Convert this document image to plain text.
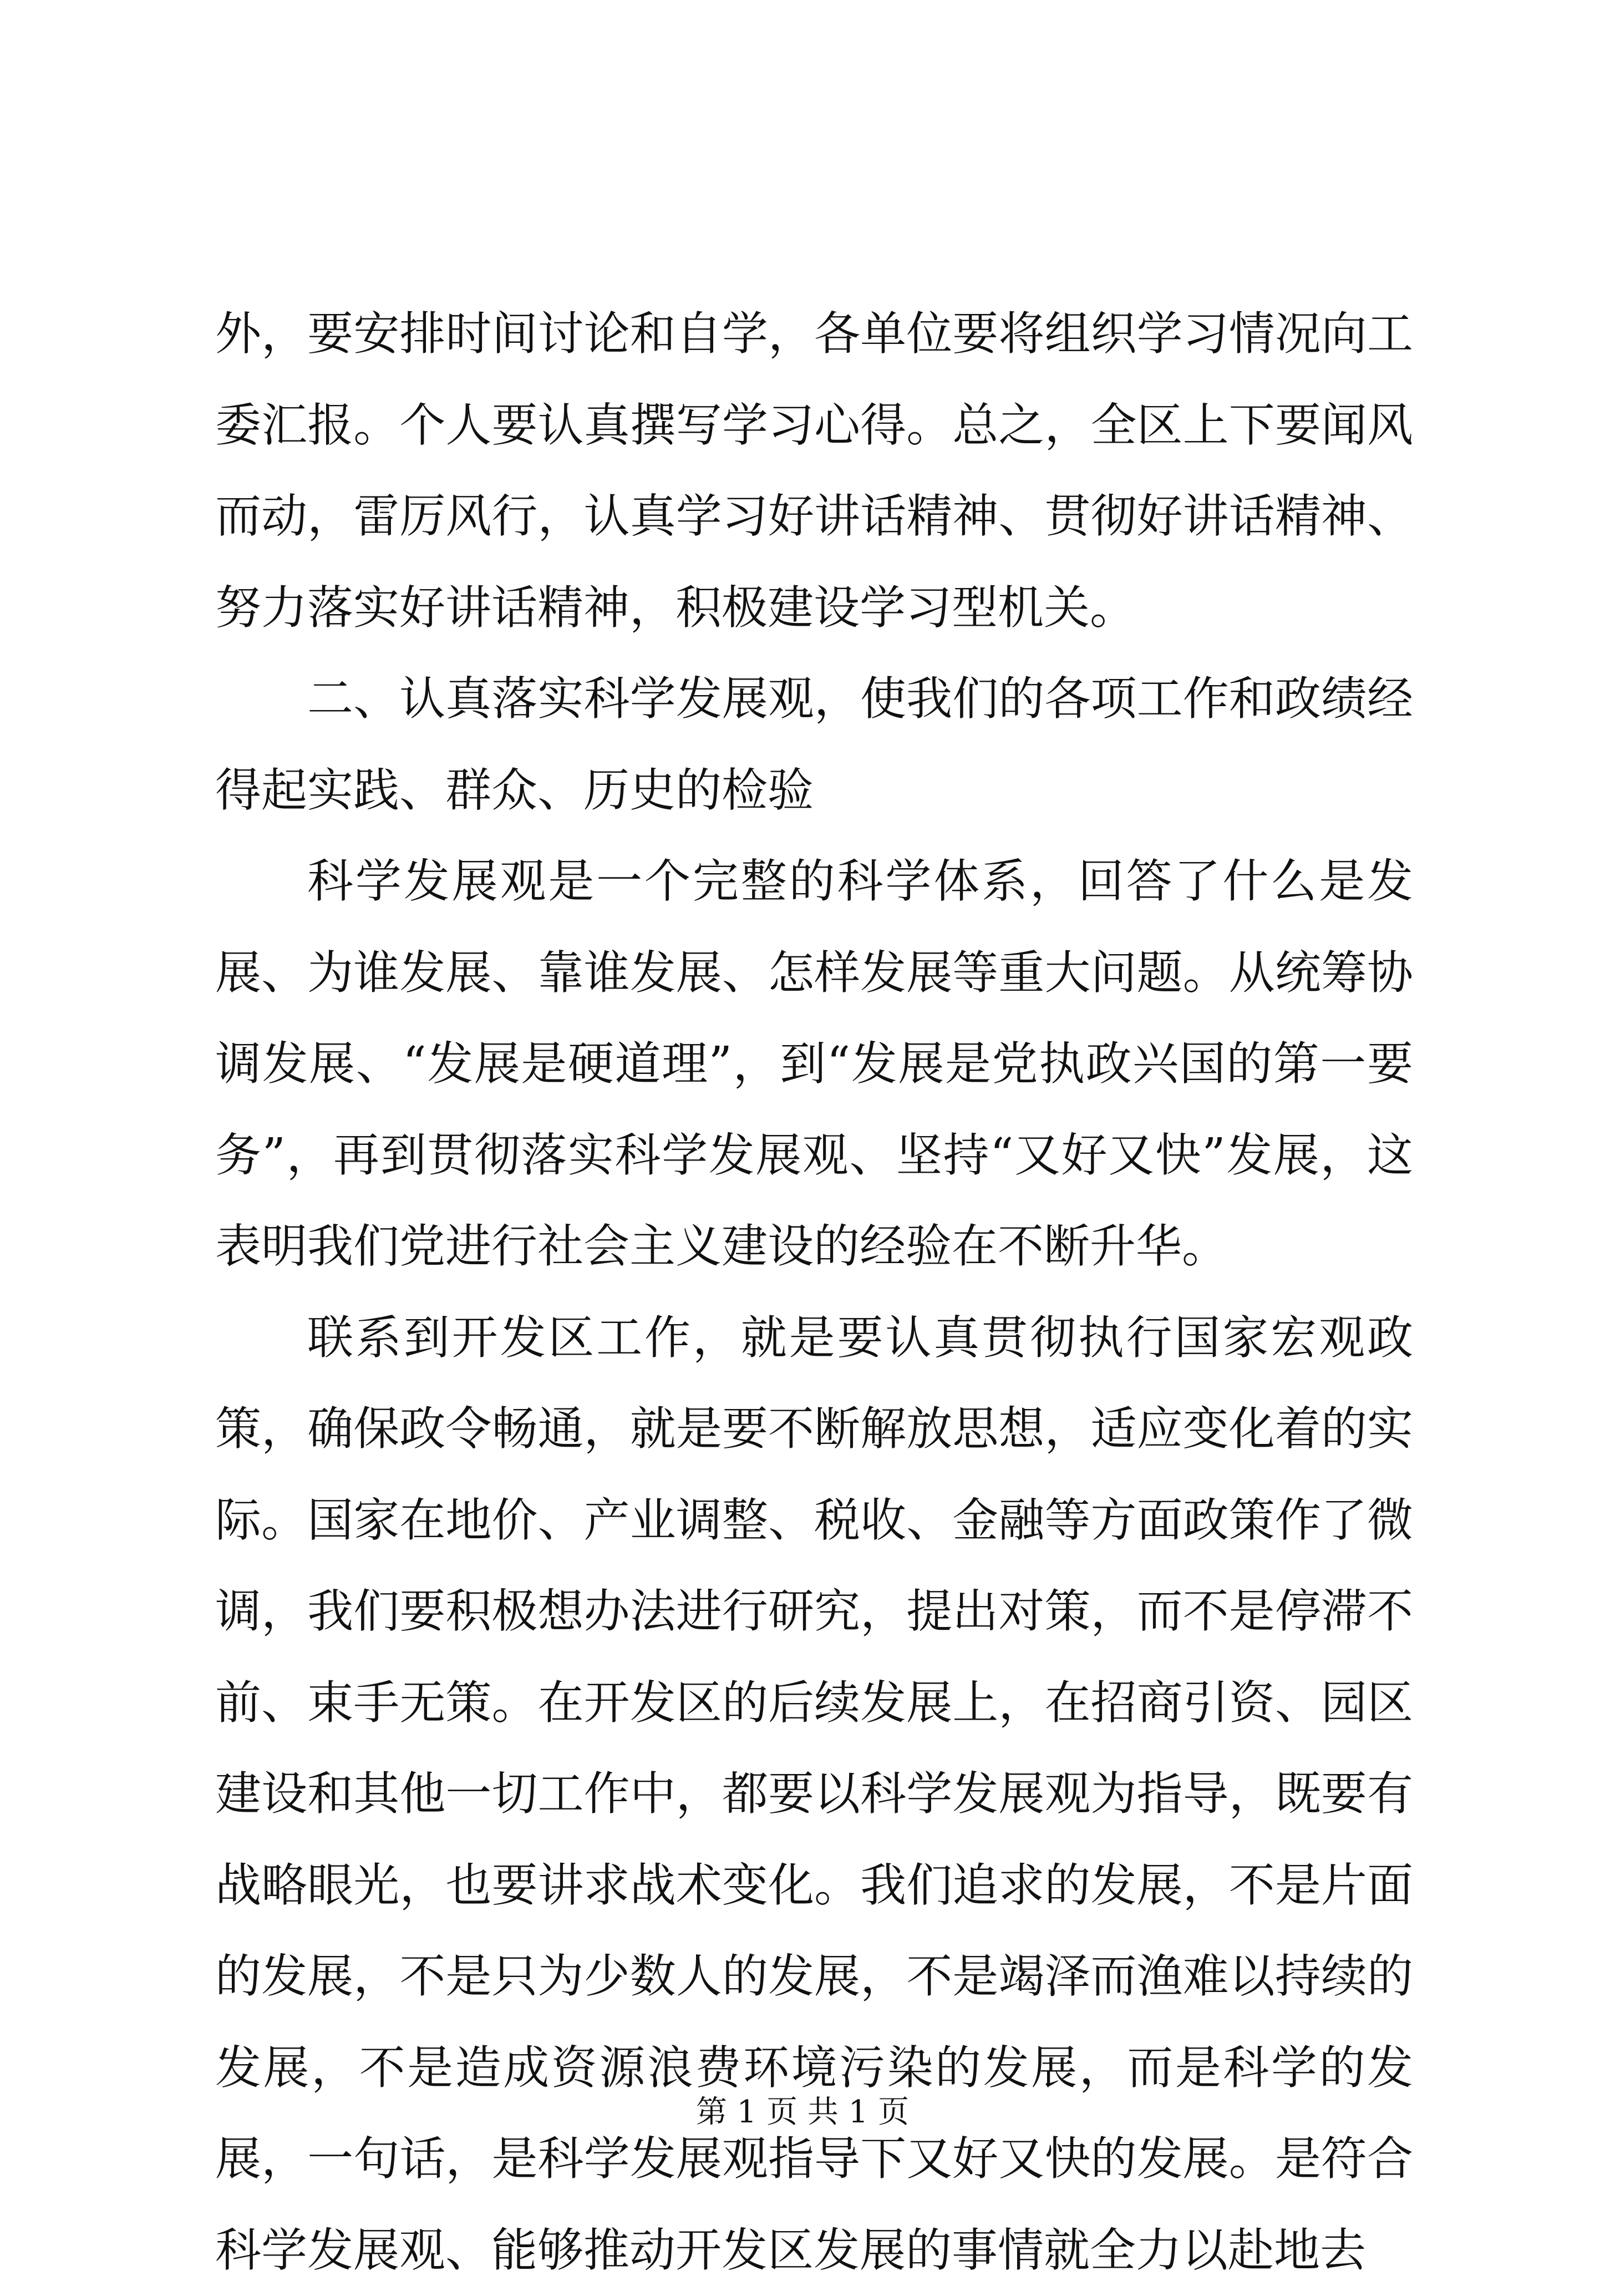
外，要安排时间讨论和自学，各单位要将组织学习情况向工委汇报。个人要认真撰写学习心得。总之，全区上下要闻风而动，雷厉风行，认真学习好讲话精神、贯彻好讲话精神、努力落实好讲话精神，积极建设学习型机关。

二、认真落实科学发展观，使我们的各项工作和政绩经得起实践、群众、历史的检验

科学发展观是一个完整的科学体系，回答了什么是发展、为谁发展、靠谁发展、怎样发展等重大问题。从统筹协调发展、“发展是硬道理”，到“发展是党执政兴国的第一要务”，再到贯彻落实科学发展观、坚持“又好又快”发展，这表明我们党进行社会主义建设的经验在不断升华。

联系到开发区工作，就是要认真贯彻执行国家宏观政策，确保政令畅通，就是要不断解放思想，适应变化着的实际。国家在地价、产业调整、税收、金融等方面政策作了微调，我们要积极想办法进行研究，提出对策，而不是停滞不前、束手无策。在开发区的后续发展上，在招商引资、园区建设和其他一切工作中，都要以科学发展观为指导，既要有战略眼光，也要讲求战术变化。我们追求的发展，不是片面的发展，不是只为少数人的发展，不是竭泽而渔难以持续的发展，不是造成资源浪费环境污染的发展，而是科学的发展，一句话，是科学发展观指导下又好又快的发展。是符合科学发展观、能够推动开发区发展的事情就全力以赴地去

第 1 页 共 1 页
